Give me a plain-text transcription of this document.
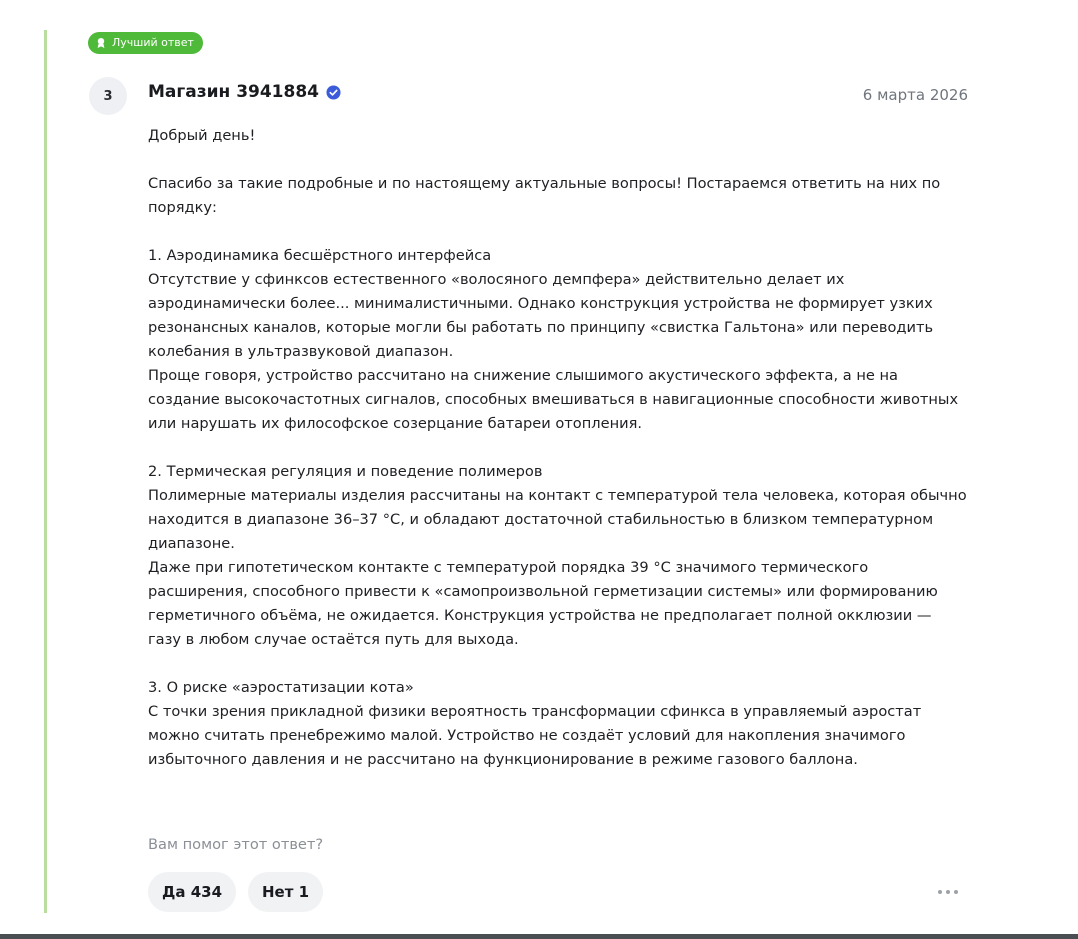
Лучший ответ
3	Магазин 3941884	6 марта 2026

Добрый день!

Спасибо за такие подробные и по настоящему актуальные вопросы! Постараемся ответить на них по порядку:

1. Аэродинамика бесшёрстного интерфейса

Отсутствие у сфинксов естественного «волосяного демпфера» действительно делает их аэродинамически более... минималистичными. Однако конструкция устройства не формирует узких резонансных каналов, которые могли бы работать по принципу «свистка Гальтона» или переводить колебания в ультразвуковой диапазон.

Проще говоря, устройство рассчитано на снижение слышимого акустического эффекта, а не на создание высокочастотных сигналов, способных вмешиваться в навигационные способности животных или нарушать их философское созерцание батареи отопления.

2. Термическая регуляция и поведение полимеров

Полимерные материалы изделия рассчитаны на контакт с температурой тела человека, которая обычно находится в диапазоне 36–37 °C, и обладают достаточной стабильностью в близком температурном диапазоне.

Даже при гипотетическом контакте с температурой порядка 39 °C значимого термического расширения, способного привести к «самопроизвольной герметизации системы» или формированию герметичного объёма, не ожидается. Конструкция устройства не предполагает полной окклюзии — газу в любом случае остаётся путь для выхода.

3. О риске «аэростатизации кота»

С точки зрения прикладной физики вероятность трансформации сфинкса в управляемый аэростат можно считать пренебрежимо малой. Устройство не создаёт условий для накопления значимого избыточного давления и не рассчитано на функционирование в режиме газового баллона.

Вам помог этот ответ?
Да 434	Нет 1
